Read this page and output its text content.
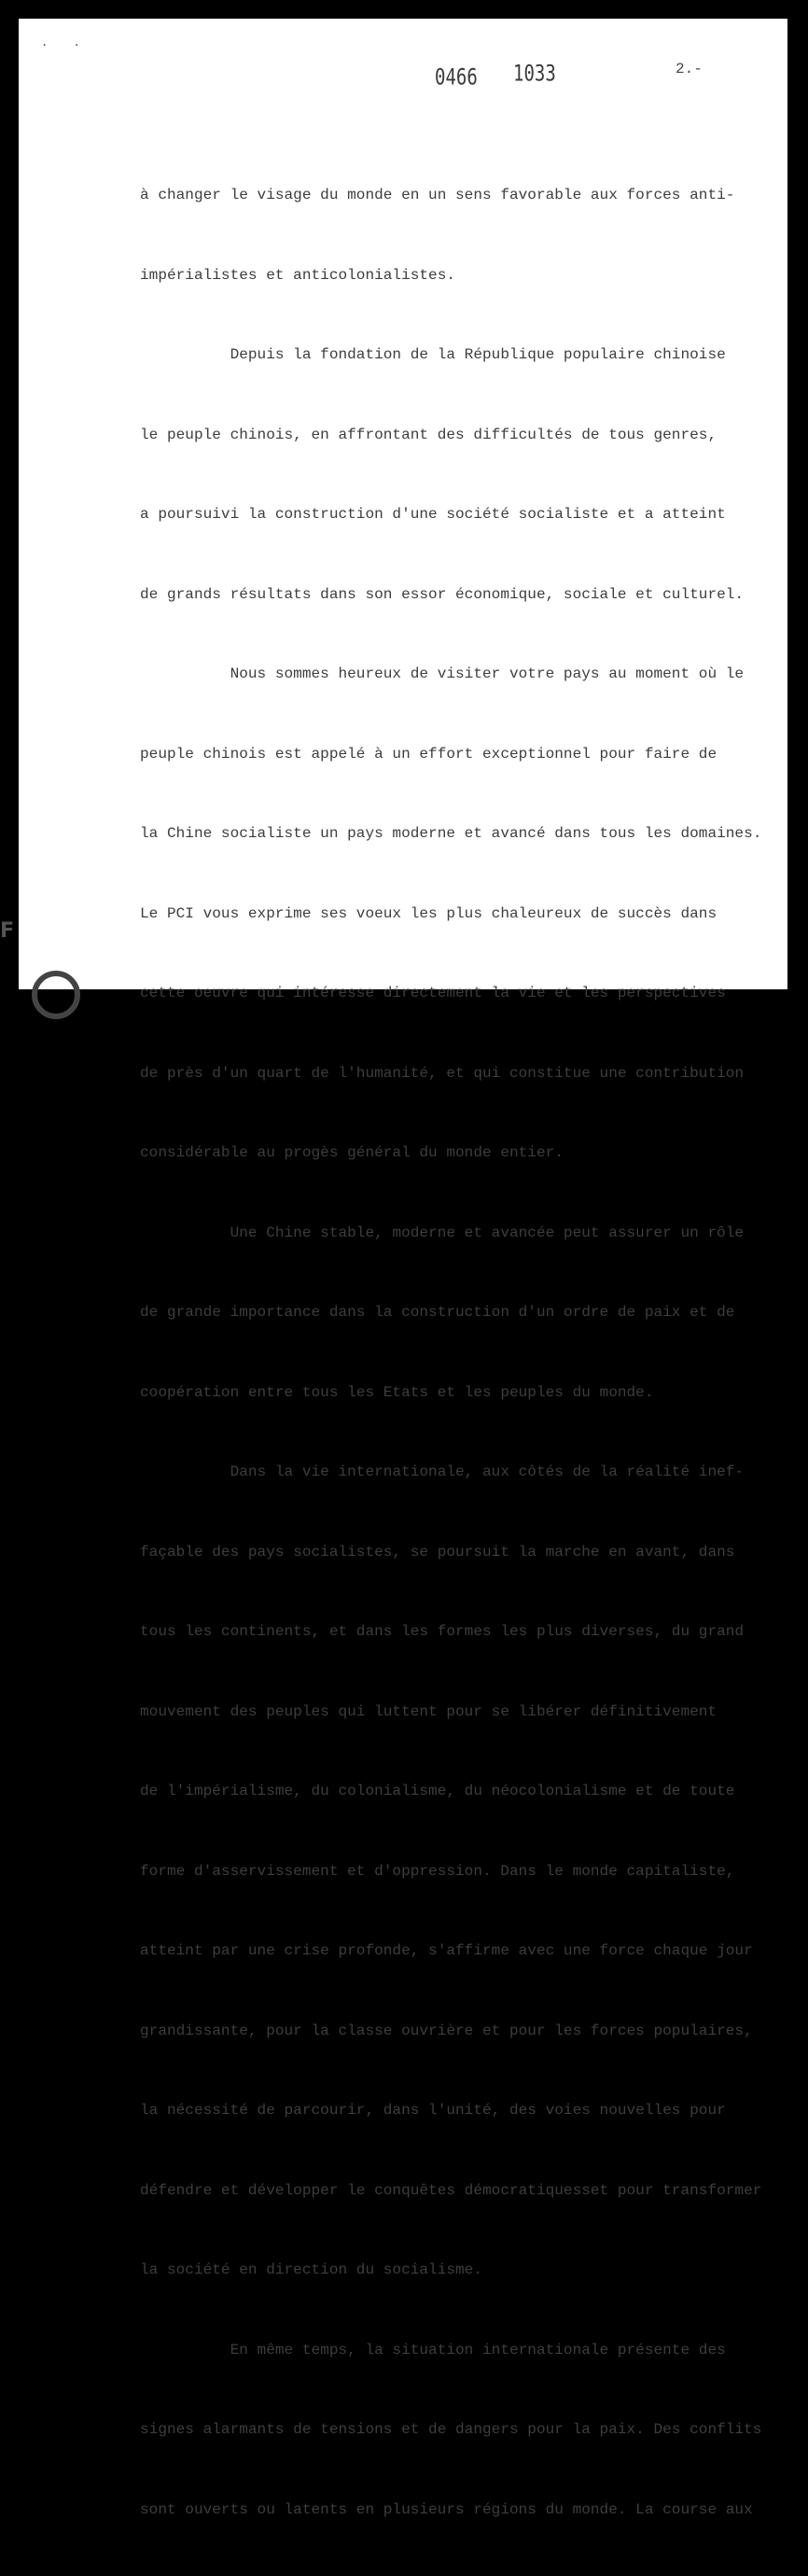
. .
0466 1033	2.-

à changer le visage du monde en un sens favorable aux forces anti-

impérialistes et anticolonialistes.

Depuis la fondation de la République populaire chinoise

le peuple chinois, en affrontant des difficultés de tous genres,

a poursuivi la construction d'une société socialiste et a atteint

de grands résultats dans son essor économique, sociale et culturel.

Nous sommes heureux de visiter votre pays au moment où le

peuple chinois est appelé à un effort exceptionnel pour faire de

la Chine socialiste un pays moderne et avancé dans tous les domaines.

Le PCI vous exprime ses voeux les plus chaleureux de succès dans

cette oeuvre qui intéresse directement la vie et les perspectives

de près d'un quart de l'humanité, et qui constitue une contribution

considérable au progès général du monde entier.

Une Chine stable, moderne et avancée peut assurer un rôle

de grande importance dans la construction d'un ordre de paix et de

coopération entre tous les Etats et les peuples du monde.

Dans la vie internationale, aux côtés de la réalité inef-

façable des pays socialistes, se poursuit la marche en avant, dans

tous les continents, et dans les formes les plus diverses, du grand

mouvement des peuples qui luttent pour se libérer définitivement

de l'impérialisme, du colonialisme, du néocolonialisme et de toute

forme d'asservissement et d'oppression. Dans le monde capitaliste,

atteint par une crise profonde, s'affirme avec une force chaque jour

grandissante, pour la classe ouvrière et pour les forces populaires,

la nécessité de parcourir, dans l'unité, des voies nouvelles pour

défendre et développer le conquêtes démocratiquesset pour transformer

la société en direction du socialisme.

En même temps, la situation internationale présente des

signes alarmants de tensions et de dangers pour la paix. Des conflits

sont ouverts ou latents en plusieurs régions du monde. La course aux

F
